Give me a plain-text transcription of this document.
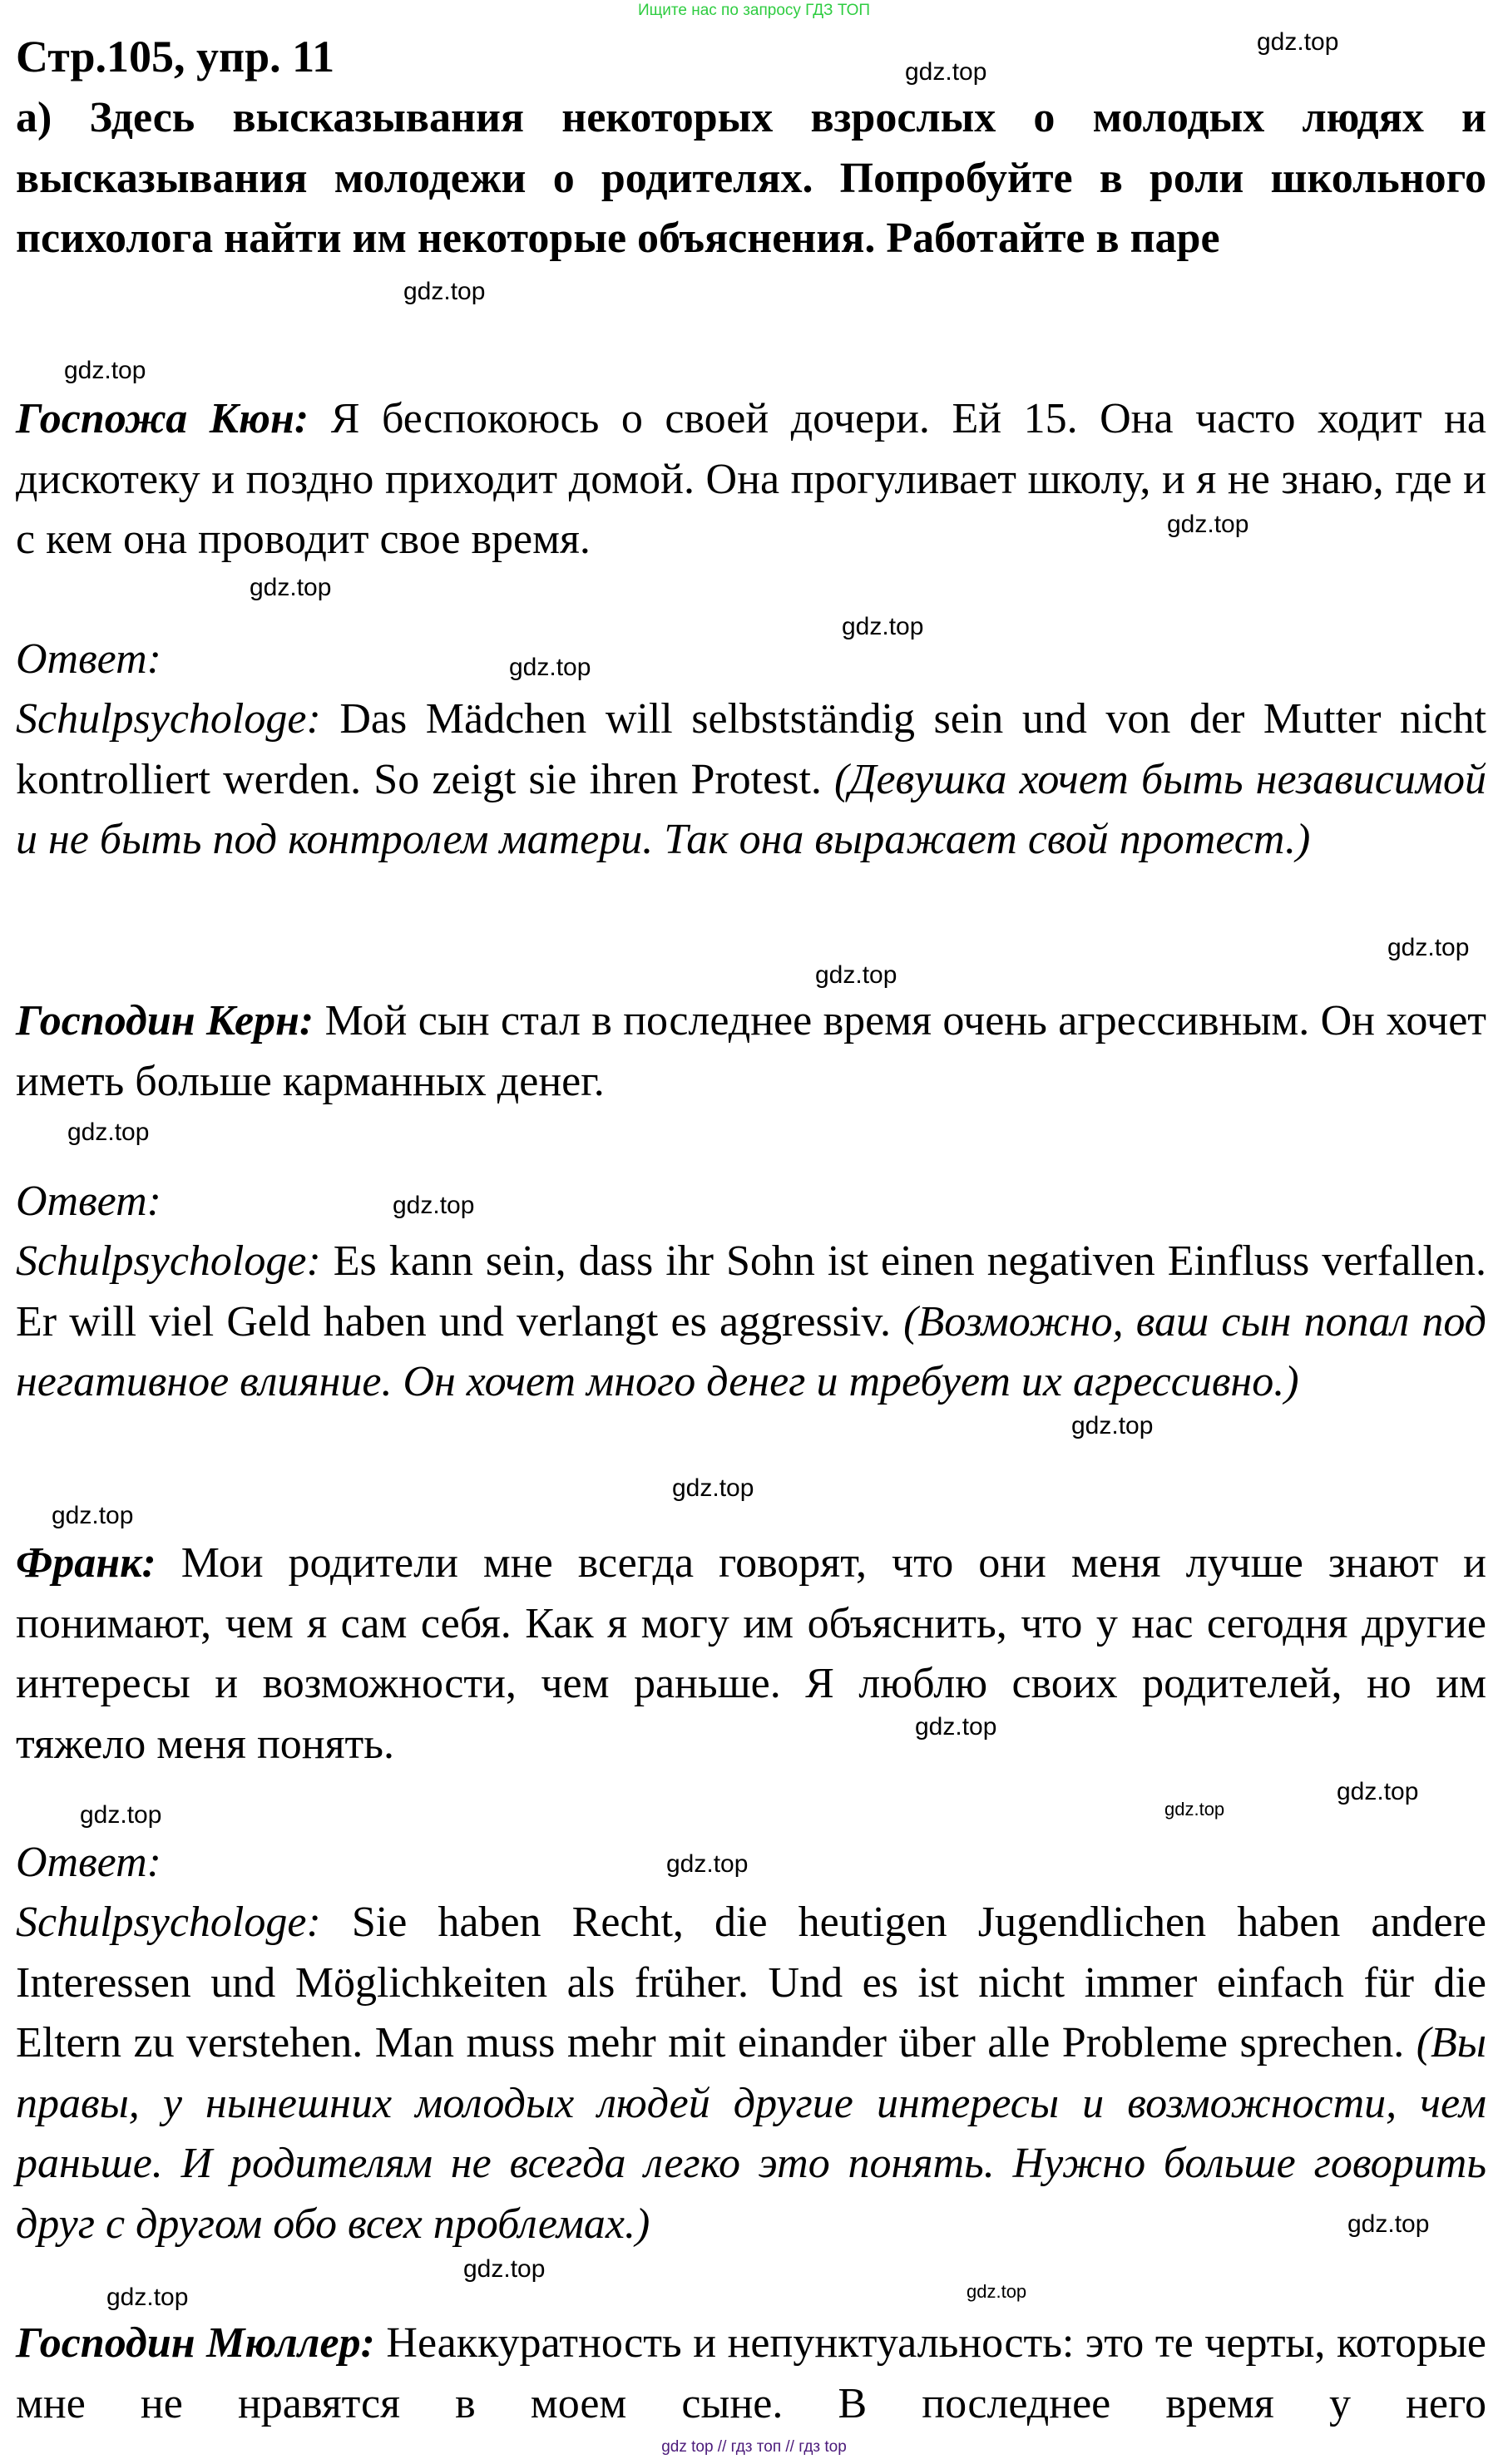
Ищите нас по запросу ГДЗ ТОП
Стр.105, упр. 11
а) Здесь высказывания некоторых взрослых о молодых людях и высказывания молодежи о родителях. Попробуйте в роли школьного психолога найти им некоторые объяснения. Работайте в паре
Госпожа Кюн: Я беспокоюсь о своей дочери. Ей 15. Она часто ходит на дискотеку и поздно приходит домой. Она прогуливает школу, и я не знаю, где и с кем она проводит свое время.
Ответ:
Schulpsychologe: Das Mädchen will selbstständig sein und von der Mutter nicht kontrolliert werden. So zeigt sie ihren Protest. (Девушка хочет быть независимой и не быть под контролем матери. Так она выражает свой протест.)
Господин Керн: Мой сын стал в последнее время очень агрессивным. Он хочет иметь больше карманных денег.
Ответ:
Schulpsychologe: Es kann sein, dass ihr Sohn ist einen negativen Einfluss verfallen. Er will viel Geld haben und verlangt es aggressiv. (Возможно, ваш сын попал под негативное влияние. Он хочет много денег и требует их агрессивно.)
Франк: Мои родители мне всегда говорят, что они меня лучше знают и понимают, чем я сам себя. Как я могу им объяснить, что у нас сегодня другие интересы и возможности, чем раньше. Я люблю своих родителей, но им тяжело меня понять.
Ответ:
Schulpsychologe: Sie haben Recht, die heutigen Jugendlichen haben andere Interessen und Möglichkeiten als früher. Und es ist nicht immer einfach für die Eltern zu verstehen. Man muss mehr mit einander über alle Probleme sprechen. (Вы правы, у нынешних молодых людей другие интересы и возможности, чем раньше. И родителям не всегда легко это понять. Нужно больше говорить друг с другом обо всех проблемах.)
Господин Мюллер: Неаккуратность и непунктуальность: это те черты, которые мне не нравятся в моем сыне. В последнее время у него
gdz.top
gdz.top
gdz.top
gdz.top
gdz.top
gdz.top
gdz.top
gdz.top
gdz.top
gdz.top
gdz.top
gdz.top
gdz.top
gdz.top
gdz.top
gdz.top
gdz.top
gdz.top
gdz.top
gdz.top
gdz.top
gdz.top
gdz.top
gdz.top
gdz top // гдз топ // гдз top
